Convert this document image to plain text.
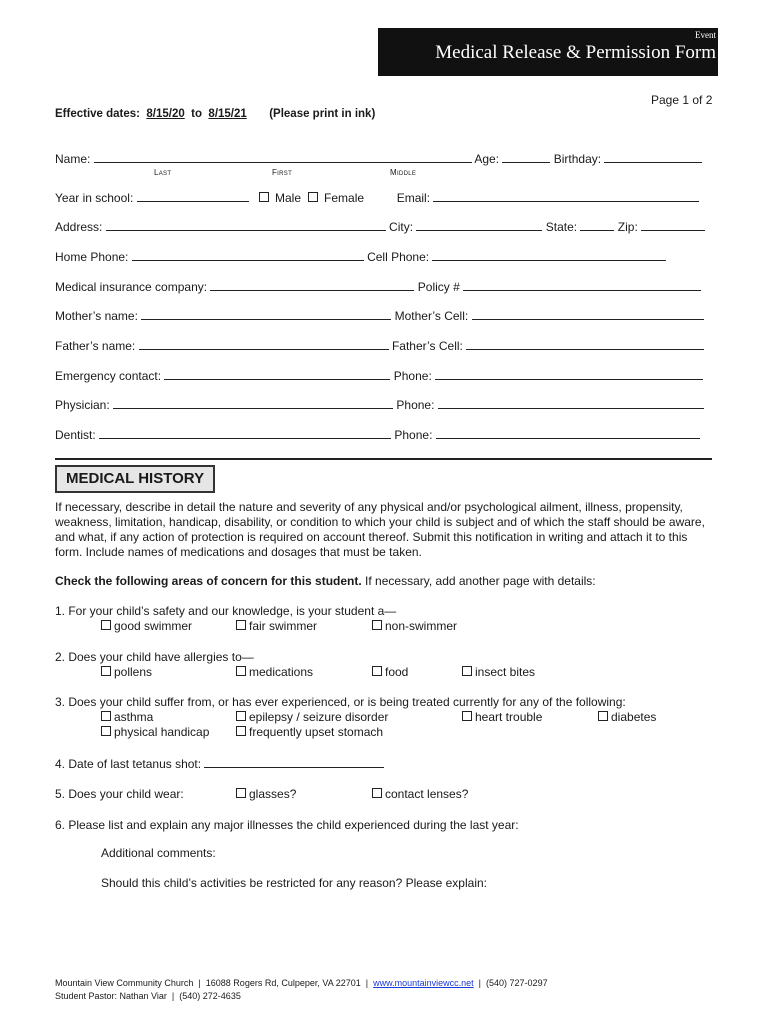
Event
Medical Release & Permission Form
Page 1 of 2
Effective dates: 8/15/20 to 8/15/21 (Please print in ink)
Name:	Age:	Birthday:
Last	First	Middle
Year in school:	Male Female	Email:
Address:	City:	State:	Zip:
Home Phone:	Cell Phone:
Medical insurance company:	Policy #
Mother’s name:	Mother’s Cell:
Father’s name:	Father’s Cell:
Emergency contact:	Phone:
Physician:	Phone:
Dentist:	Phone:
MEDICAL HISTORY
If necessary, describe in detail the nature and severity of any physical and/or psychological ailment, illness, propensity, weakness, limitation, handicap, disability, or condition to which your child is subject and of which the staff should be aware, and what, if any action of protection is required on account thereof. Submit this notification in writing and attach it to this form. Include names of medications and dosages that must be taken.
Check the following areas of concern for this student. If necessary, add another page with details:
1. For your child’s safety and our knowledge, is your student a—
good swimmer	fair swimmer	non-swimmer
2. Does your child have allergies to—
pollens	medications	food	insect bites
3. Does your child suffer from, or has ever experienced, or is being treated currently for any of the following:
asthma	epilepsy / seizure disorder	heart trouble	diabetes
physical handicap	frequently upset stomach
4. Date of last tetanus shot:
5. Does your child wear:	glasses?	contact lenses?
6. Please list and explain any major illnesses the child experienced during the last year:
Additional comments:
Should this child’s activities be restricted for any reason? Please explain:
Mountain View Community Church | 16088 Rogers Rd, Culpeper, VA 22701 | www.mountainviewcc.net | (540) 727-0297
Student Pastor: Nathan Viar | (540) 272-4635
